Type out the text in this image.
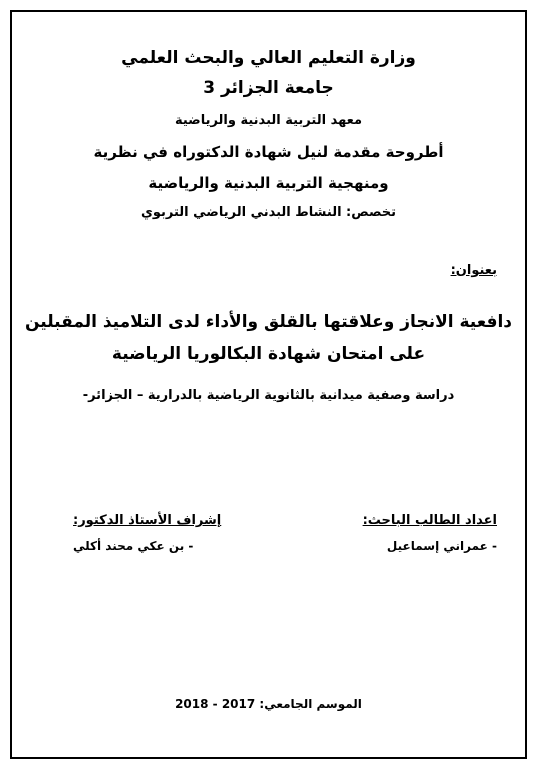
وزارة التعليم العالي والبحث العلمي
جامعة الجزائر 3
معهد التربية البدنية والرياضية
أطروحة مقدمة لنيل شهادة الدكتوراه في نظرية
ومنهجية التربية البدنية والرياضية
تخصص: النشاط البدني الرياضي التربوي
بعنوان:
دافعية الانجاز وعلاقتها بالقلق والأداء لدى التلاميذ المقبلين
على امتحان شهادة البكالوريا الرياضية
دراسة وصفية ميدانية بالثانوية الرياضية بالدرارية – الجزائر-
اعداد الطالب الباحث:
- عمراني إسماعيل
إشراف الأستاذ الدكتور:
- بن عكي محند أكلي
الموسم الجامعي: 2017 - 2018
